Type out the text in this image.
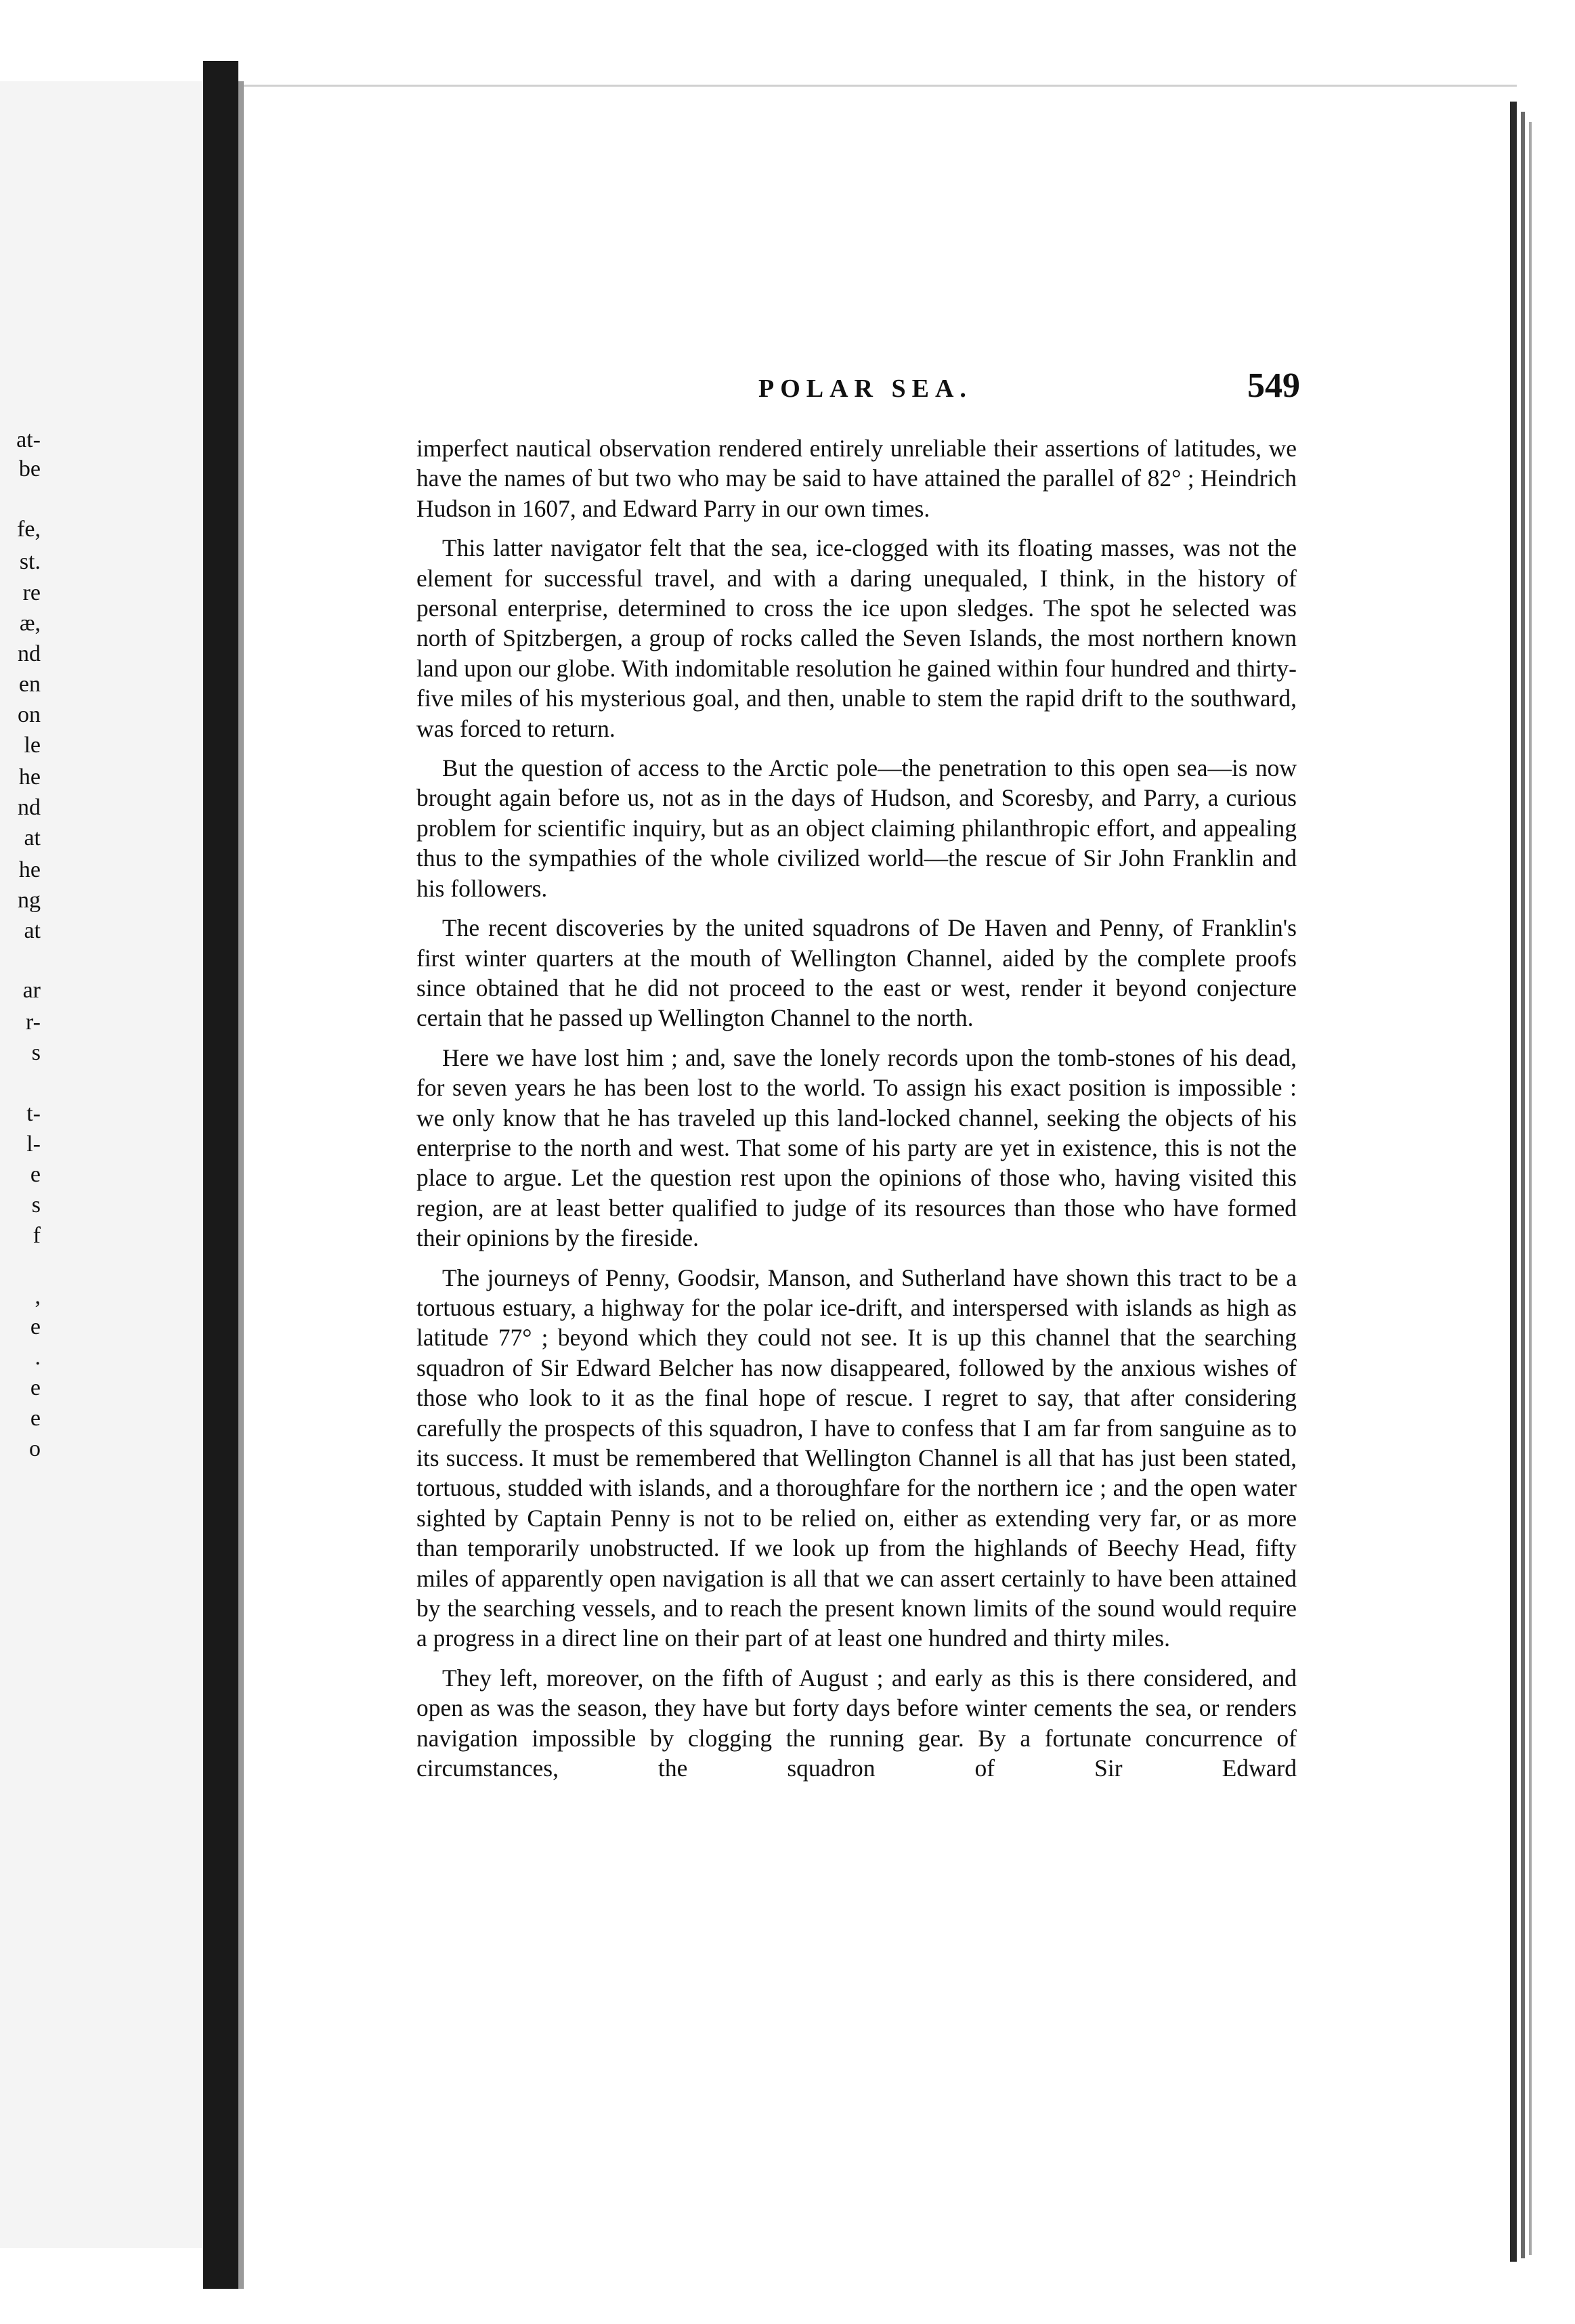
at-
be
fe,
st.
re
æ,
nd
en
on
le
he
nd
at
he
ng
at
ar
r-
s
t-
l-
e
s
f
,
e
.
e
e
o
POLAR SEA.	549

imperfect nautical observation rendered entirely unreliable their assertions of latitudes, we have the names of but two who may be said to have attained the parallel of 82° ; Heindrich Hudson in 1607, and Edward Parry in our own times.

This latter navigator felt that the sea, ice-clogged with its floating masses, was not the element for successful travel, and with a daring unequaled, I think, in the history of personal enterprise, determined to cross the ice upon sledges. The spot he selected was north of Spitzbergen, a group of rocks called the Seven Islands, the most northern known land upon our globe. With indomitable resolution he gained within four hundred and thirty-five miles of his mysterious goal, and then, unable to stem the rapid drift to the southward, was forced to return.

But the question of access to the Arctic pole—the penetration to this open sea—is now brought again before us, not as in the days of Hudson, and Scoresby, and Parry, a curious problem for scientific inquiry, but as an object claiming philanthropic effort, and appealing thus to the sympathies of the whole civilized world—the rescue of Sir John Franklin and his followers.

The recent discoveries by the united squadrons of De Haven and Penny, of Franklin's first winter quarters at the mouth of Wellington Channel, aided by the complete proofs since obtained that he did not proceed to the east or west, render it beyond conjecture certain that he passed up Wellington Channel to the north.

Here we have lost him ; and, save the lonely records upon the tomb-stones of his dead, for seven years he has been lost to the world. To assign his exact position is impossible : we only know that he has traveled up this land-locked channel, seeking the objects of his enterprise to the north and west. That some of his party are yet in existence, this is not the place to argue. Let the question rest upon the opinions of those who, having visited this region, are at least better qualified to judge of its resources than those who have formed their opinions by the fireside.

The journeys of Penny, Goodsir, Manson, and Sutherland have shown this tract to be a tortuous estuary, a highway for the polar ice-drift, and interspersed with islands as high as latitude 77° ; beyond which they could not see. It is up this channel that the searching squadron of Sir Edward Belcher has now disappeared, followed by the anxious wishes of those who look to it as the final hope of rescue. I regret to say, that after considering carefully the prospects of this squadron, I have to confess that I am far from sanguine as to its success. It must be remembered that Wellington Channel is all that has just been stated, tortuous, studded with islands, and a thoroughfare for the northern ice ; and the open water sighted by Captain Penny is not to be relied on, either as extending very far, or as more than temporarily unobstructed. If we look up from the highlands of Beechy Head, fifty miles of apparently open navigation is all that we can assert certainly to have been attained by the searching vessels, and to reach the present known limits of the sound would require a progress in a direct line on their part of at least one hundred and thirty miles.

They left, moreover, on the fifth of August ; and early as this is there considered, and open as was the season, they have but forty days before winter cements the sea, or renders navigation impossible by clogging the running gear. By a fortunate concurrence of circumstances, the squadron of Sir Edward
